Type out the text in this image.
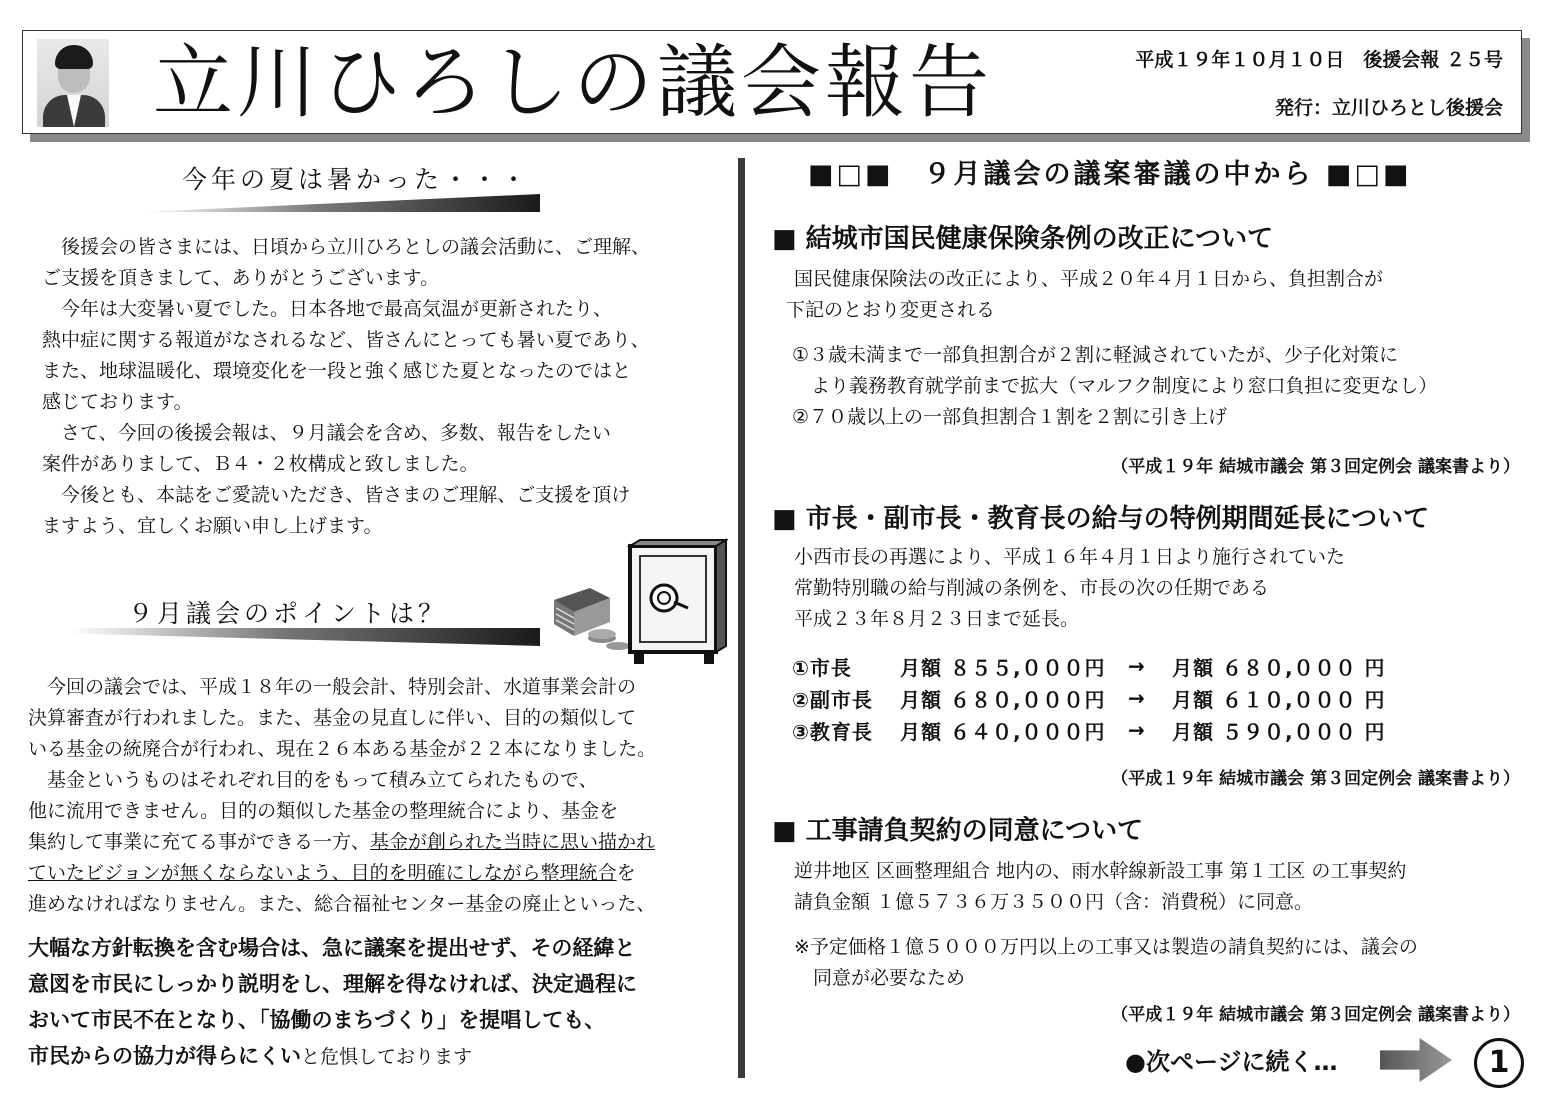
立川ひろしの議会報告	平成１９年１０月１０日　後援会報 ２５号
発行：立川ひろとし後援会
今年の夏は暑かった・・・
　後援会の皆さまには、日頃から立川ひろとしの議会活動に、ご理解、
ご支援を頂きまして、ありがとうございます。
　今年は大変暑い夏でした。日本各地で最高気温が更新されたり、
熱中症に関する報道がなされるなど、皆さんにとっても暑い夏であり、
また、地球温暖化、環境変化を一段と強く感じた夏となったのではと
感じております。
　さて、今回の後援会報は、９月議会を含め、多数、報告をしたい
案件がありまして、Ｂ４・２枚構成と致しました。
　今後とも、本誌をご愛読いただき、皆さまのご理解、ご支援を頂け
ますよう、宜しくお願い申し上げます。
９月議会のポイントは？
　今回の議会では、平成１８年の一般会計、特別会計、水道事業会計の
決算審査が行われました。また、基金の見直しに伴い、目的の類似して
いる基金の統廃合が行われ、現在２６本ある基金が２２本になりました。
　基金というものはそれぞれ目的をもって積み立てられたもので、
他に流用できません。目的の類似した基金の整理統合により、基金を
集約して事業に充てる事ができる一方、基金が創られた当時に思い描かれ
ていたビジョンが無くならないよう、目的を明確にしながら整理統合を
進めなければなりません。また、総合福祉センター基金の廃止といった、
大幅な方針転換を含む場合は、急に議案を提出せず、その経緯と
意図を市民にしっかり説明をし、理解を得なければ、決定過程に
おいて市民不在となり、「協働のまちづくり」を提唱しても、
市民からの協力が得らにくいと危惧しております
■□■　９月議会の議案審議の中から ■□■
■ 結城市国民健康保険条例の改正について
国民健康保険法の改正により、平成２０年４月１日から、負担割合が
下記のとおり変更される
①３歳未満まで一部負担割合が２割に軽減されていたが、少子化対策に
　より義務教育就学前まで拡大（マルフク制度により窓口負担に変更なし）
②７０歳以上の一部負担割合１割を２割に引き上げ
（平成１９年 結城市議会 第３回定例会 議案書より）
■ 市長・副市長・教育長の給与の特例期間延長について
小西市長の再選により、平成１６年４月１日より施行されていた
常勤特別職の給与削減の条例を、市長の次の任期である
平成２３年８月２３日まで延長。
①市長	月額 ８５５,０００円	→	月額 ６８０,０００ 円
②副市長	月額 ６８０,０００円	→	月額 ６１０,０００ 円
③教育長	月額 ６４０,０００円	→	月額 ５９０,０００ 円
（平成１９年 結城市議会 第３回定例会 議案書より）
■ 工事請負契約の同意について
逆井地区 区画整理組合 地内の、雨水幹線新設工事 第１工区 の工事契約
請負金額 １億５７３６万３５００円（含：消費税）に同意。
※予定価格１億５０００万円以上の工事又は製造の請負契約には、議会の
　同意が必要なため
（平成１９年 結城市議会 第３回定例会 議案書より）
●次ページに続く…	1
